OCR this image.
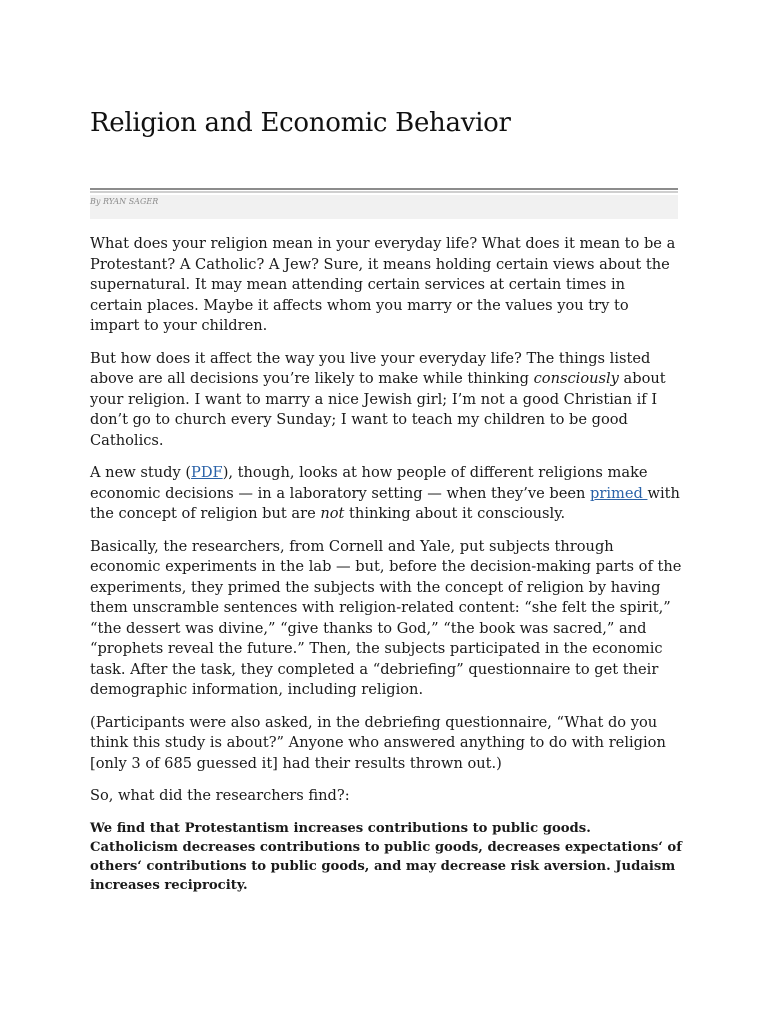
Religion and Economic Behavior
By RYAN SAGER

What does your religion mean in your everyday life? What does it mean to be a Protestant? A Catholic? A Jew? Sure, it means holding certain views about the supernatural. It may mean attending certain services at certain times in certain places. Maybe it affects whom you marry or the values you try to impart to your children.

But how does it affect the way you live your everyday life? The things listed above are all decisions you’re likely to make while thinking consciously about your religion. I want to marry a nice Jewish girl; I’m not a good Christian if I don’t go to church every Sunday; I want to teach my children to be good Catholics.

A new study (PDF), though, looks at how people of different religions make economic decisions — in a laboratory setting — when they’ve been primed with the concept of religion but are not thinking about it consciously.

Basically, the researchers, from Cornell and Yale, put subjects through economic experiments in the lab — but, before the decision-making parts of the experiments, they primed the subjects with the concept of religion by having them unscramble sentences with religion-related content: “she felt the spirit,” “the dessert was divine,” “give thanks to God,” “the book was sacred,” and “prophets reveal the future.” Then, the subjects participated in the economic task. After the task, they completed a “debriefing” questionnaire to get their demographic information, including religion.

(Participants were also asked, in the debriefing questionnaire, “What do you think this study is about?” Anyone who answered anything to do with religion [only 3 of 685 guessed it] had their results thrown out.)

So, what did the researchers find?:

We find that Protestantism increases contributions to public goods. Catholicism decreases contributions to public goods, decreases expectations‘ of others‘ contributions to public goods, and may decrease risk aversion. Judaism increases reciprocity.
